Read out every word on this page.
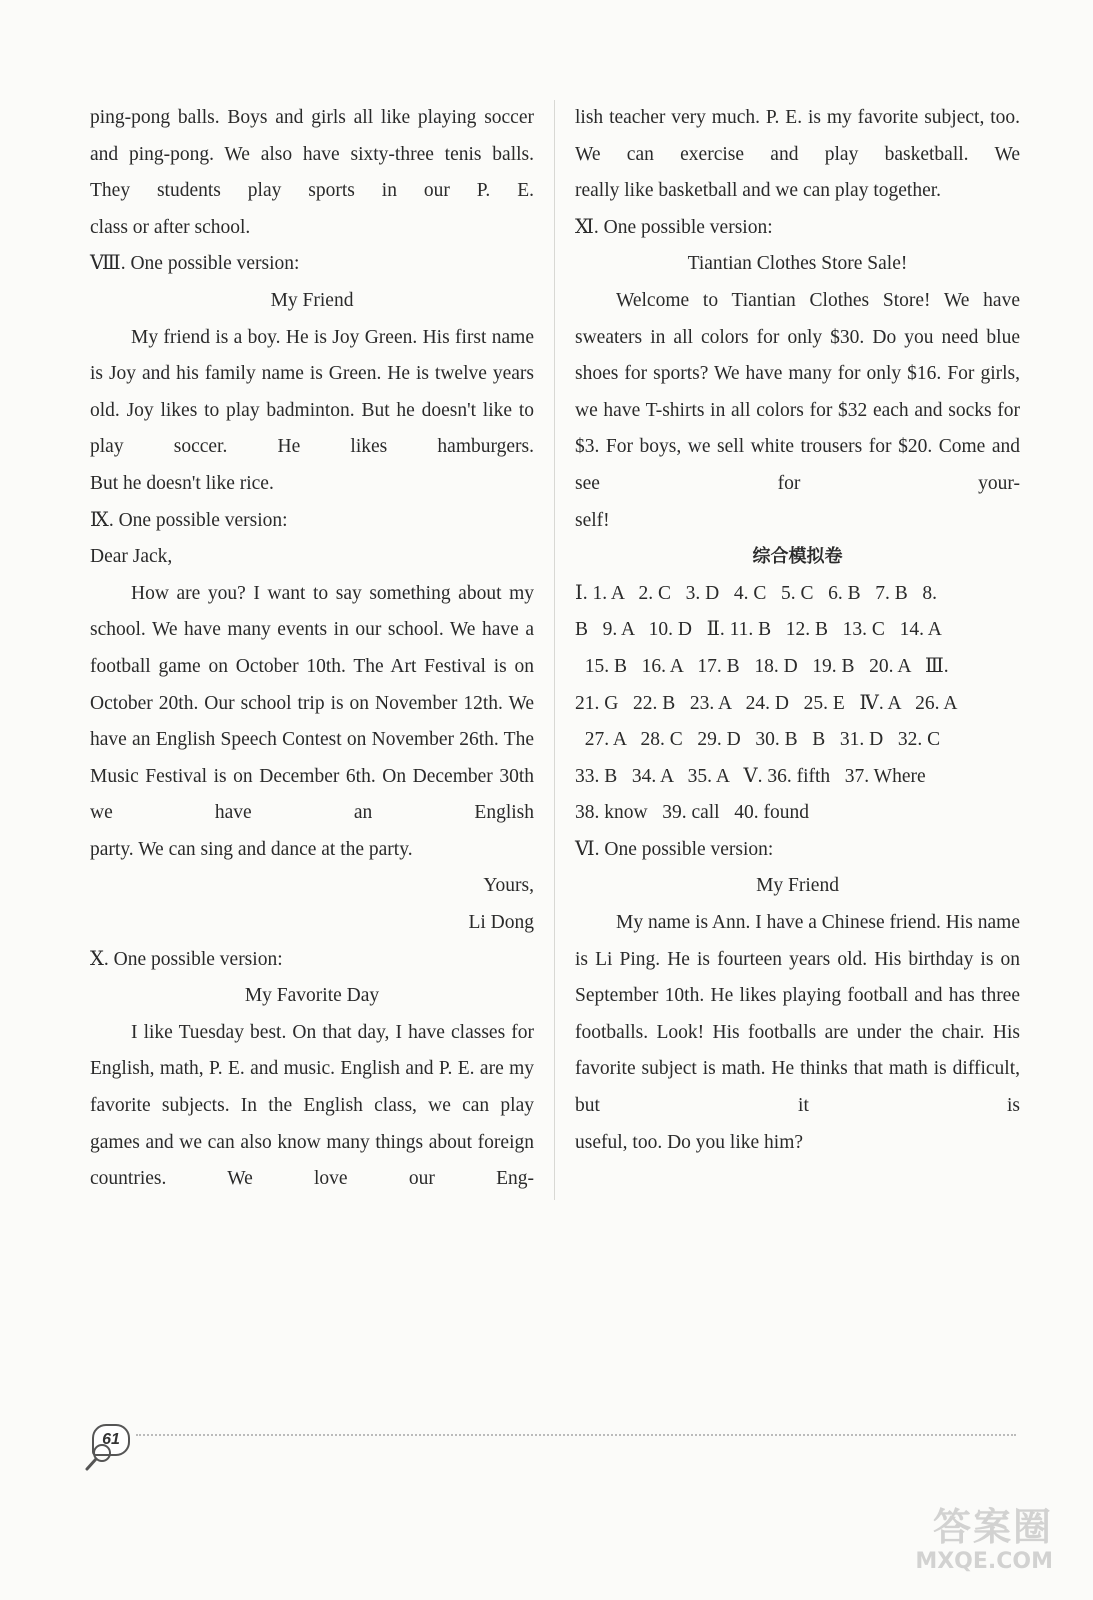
ping-pong balls. Boys and girls all like playing soccer and ping-pong. We also have sixty-three tenis balls. They students play sports in our P. E.

class or after school.

Ⅷ. One possible version:

My Friend

My friend is a boy. He is Joy Green. His first name is Joy and his family name is Green. He is twelve years old. Joy likes to play badminton. But he doesn't like to play soccer. He likes hamburgers.

But he doesn't like rice.

Ⅸ. One possible version:

Dear Jack,

How are you? I want to say something about my school. We have many events in our school. We have a football game on October 10th. The Art Festival is on October 20th. Our school trip is on November 12th. We have an English Speech Contest on November 26th. The Music Festival is on December 6th. On December 30th we have an English

party. We can sing and dance at the party.

Yours,

Li Dong

Ⅹ. One possible version:

My Favorite Day

I like Tuesday best. On that day, I have classes for English, math, P. E. and music. English and P. E. are my favorite subjects. In the English class, we can play games and we can also know many things about foreign countries. We love our Eng-

lish teacher very much. P. E. is my favorite subject, too. We can exercise and play basketball. We

really like basketball and we can play together.

Ⅺ. One possible version:

Tiantian Clothes Store Sale!

Welcome to Tiantian Clothes Store! We have sweaters in all colors for only $30. Do you need blue shoes for sports? We have many for only $16. For girls, we have T-shirts in all colors for $32 each and socks for $3. For boys, we sell white trousers for $20. Come and see for your-

self!

综合模拟卷

Ⅰ. 1. A   2. C   3. D   4. C   5. C   6. B   7. B   8.

B   9. A   10. D   Ⅱ. 11. B   12. B   13. C   14. A

15. B   16. A   17. B   18. D   19. B   20. A   Ⅲ.

21. G   22. B   23. A   24. D   25. E   Ⅳ. A   26. A

27. A   28. C   29. D   30. B   B   31. D   32. C

33. B   34. A   35. A   Ⅴ. 36. fifth   37. Where

38. know   39. call   40. found

Ⅵ. One possible version:

My Friend

My name is Ann. I have a Chinese friend. His name is Li Ping. He is fourteen years old. His birthday is on September 10th. He likes playing football and has three footballs. Look! His footballs are under the chair. His favorite subject is math. He thinks that math is difficult, but it is

useful, too. Do you like him?

61
答案圈
MXQE.COM
